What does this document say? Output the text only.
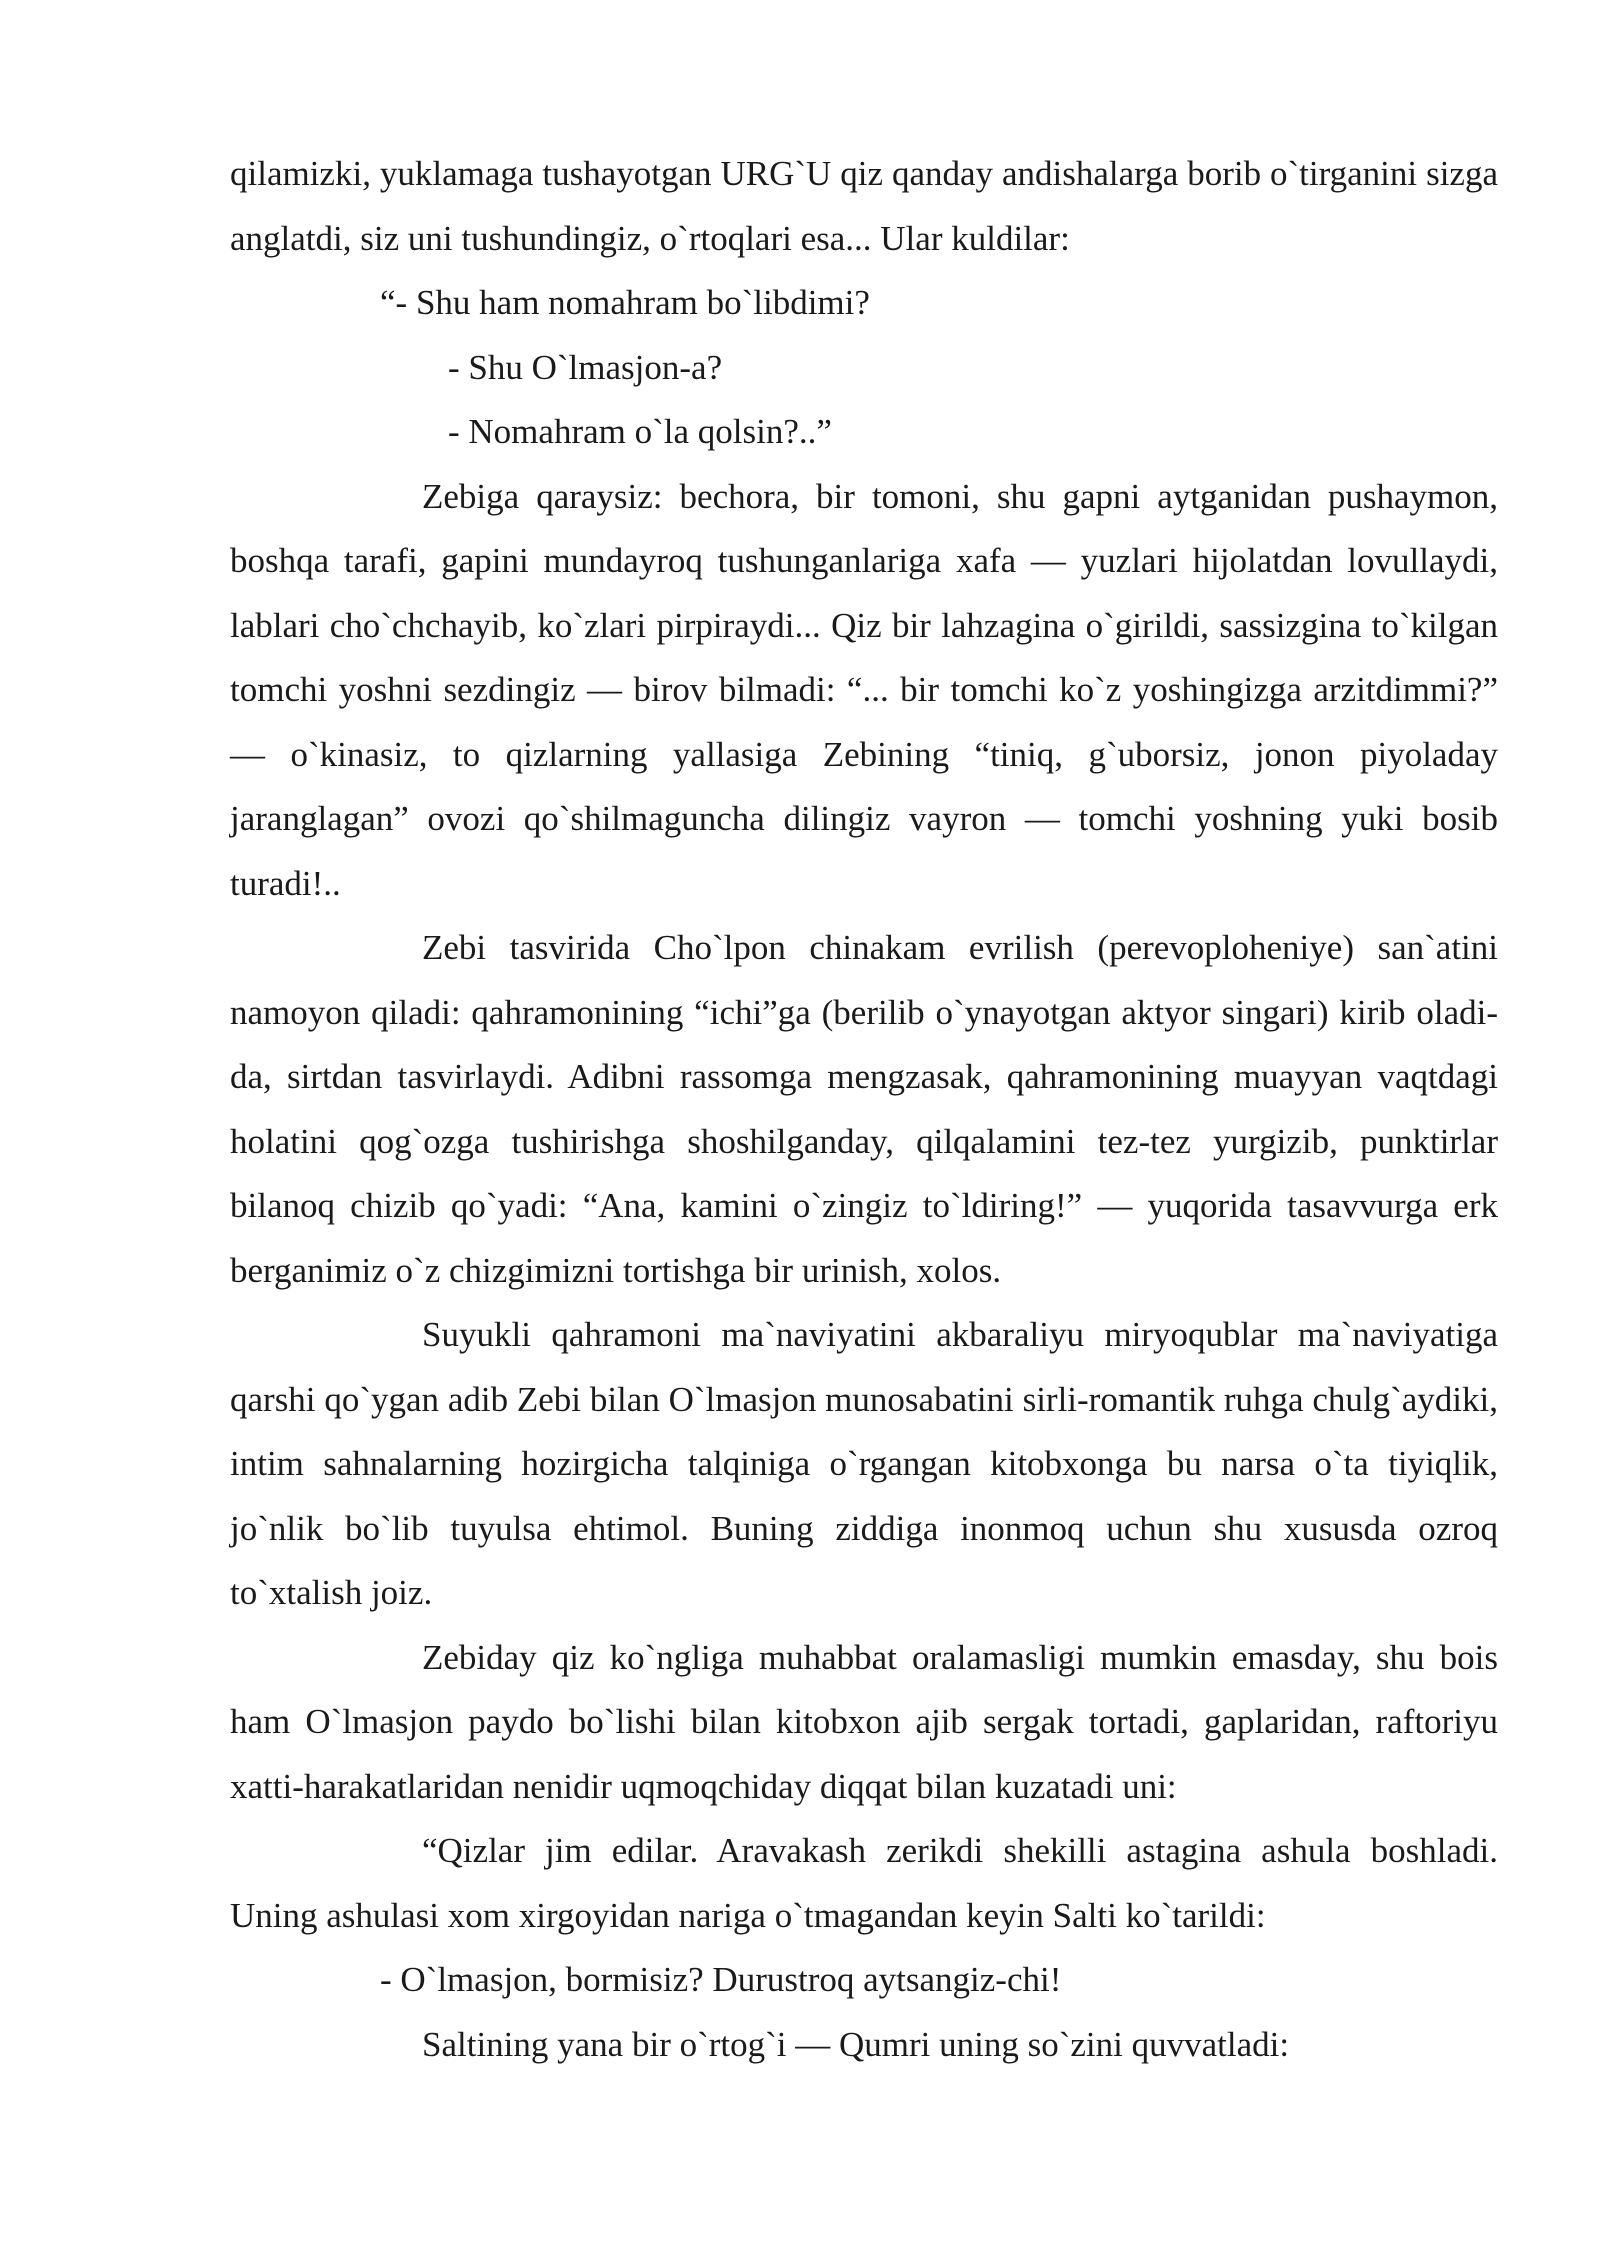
qilamizki, yuklamaga tushayotgan URG`U qiz qanday andishalarga borib o`tirganini sizga anglatdi, siz uni tushundingiz, o`rtoqlari esa... Ular kuldilar:

“- Shu ham nomahram bo`libdimi?

- Shu O`lmasjon-a?

- Nomahram o`la qolsin?..”

Zebiga qaraysiz: bechora, bir tomoni, shu gapni aytganidan pushaymon, boshqa tarafi, gapini mundayroq tushunganlariga xafa — yuzlari hijolatdan lovullaydi, lablari cho`chchayib, ko`zlari pirpiraydi... Qiz bir lahzagina o`girildi, sassizgina to`kilgan tomchi yoshni sezdingiz — birov bilmadi: “... bir tomchi ko`z yoshingizga arzitdimmi?” — o`kinasiz, to qizlarning yallasiga Zebining “tiniq, g`uborsiz, jonon piyoladay jaranglagan” ovozi qo`shilmaguncha dilingiz vayron — tomchi yoshning yuki bosib turadi!..

Zebi tasvirida Cho`lpon chinakam evrilish (perevoploheniye) san`atini namoyon qiladi: qahramonining “ichi”ga (berilib o`ynayotgan aktyor singari) kirib oladi-da, sirtdan tasvirlaydi. Adibni rassomga mengzasak, qahramonining muayyan vaqtdagi holatini qog`ozga tushirishga shoshilganday, qilqalamini tez-tez yurgizib, punktirlar bilanoq chizib qo`yadi: “Ana, kamini o`zingiz to`ldiring!” — yuqorida tasavvurga erk berganimiz o`z chizgimizni tortishga bir urinish, xolos.

Suyukli qahramoni ma`naviyatini akbaraliyu miryoqublar ma`naviyatiga qarshi qo`ygan adib Zebi bilan O`lmasjon munosabatini sirli-romantik ruhga chulg`aydiki, intim sahnalarning hozirgicha talqiniga o`rgangan kitobxonga bu narsa o`ta tiyiqlik, jo`nlik bo`lib tuyulsa ehtimol. Buning ziddiga inonmoq uchun shu xususda ozroq to`xtalish joiz.

Zebiday qiz ko`ngliga muhabbat oralamasligi mumkin emasday, shu bois ham O`lmasjon paydo bo`lishi bilan kitobxon ajib sergak tortadi, gaplaridan, raftoriyu xatti-harakatlaridan nenidir uqmoqchiday diqqat bilan kuzatadi uni:

“Qizlar jim edilar. Aravakash zerikdi shekilli astagina ashula boshladi. Uning ashulasi xom xirgoyidan nariga o`tmagandan keyin Salti ko`tarildi:

- O`lmasjon, bormisiz? Durustroq aytsangiz-chi!

Saltining yana bir o`rtog`i — Qumri uning so`zini quvvatladi:
